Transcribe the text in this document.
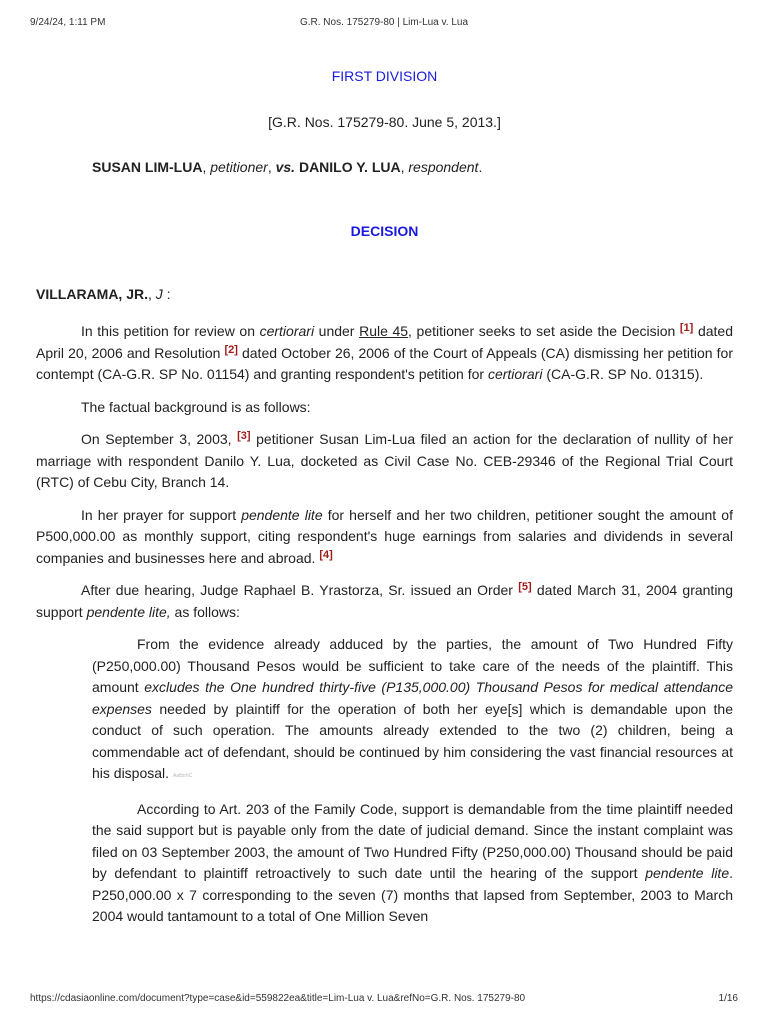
9/24/24, 1:11 PM	G.R. Nos. 175279-80 | Lim-Lua v. Lua

FIRST DIVISION

[G.R. Nos. 175279-80. June 5, 2013.]

SUSAN LIM-LUA, petitioner, vs. DANILO Y. LUA, respondent.

DECISION

VILLARAMA, JR., J :

In this petition for review on certiorari under Rule 45, petitioner seeks to set aside the Decision [1] dated April 20, 2006 and Resolution [2] dated October 26, 2006 of the Court of Appeals (CA) dismissing her petition for contempt (CA-G.R. SP No. 01154) and granting respondent's petition for certiorari (CA-G.R. SP No. 01315).

The factual background is as follows:

On September 3, 2003, [3] petitioner Susan Lim-Lua filed an action for the declaration of nullity of her marriage with respondent Danilo Y. Lua, docketed as Civil Case No. CEB-29346 of the Regional Trial Court (RTC) of Cebu City, Branch 14.

In her prayer for support pendente lite for herself and her two children, petitioner sought the amount of P500,000.00 as monthly support, citing respondent's huge earnings from salaries and dividends in several companies and businesses here and abroad. [4]

After due hearing, Judge Raphael B. Yrastorza, Sr. issued an Order [5] dated March 31, 2004 granting support pendente lite, as follows:

From the evidence already adduced by the parties, the amount of Two Hundred Fifty (P250,000.00) Thousand Pesos would be sufficient to take care of the needs of the plaintiff. This amount excludes the One hundred thirty-five (P135,000.00) Thousand Pesos for medical attendance expenses needed by plaintiff for the operation of both her eye[s] which is demandable upon the conduct of such operation. The amounts already extended to the two (2) children, being a commendable act of defendant, should be continued by him considering the vast financial resources at his disposal. Aa8zrhC

According to Art. 203 of the Family Code, support is demandable from the time plaintiff needed the said support but is payable only from the date of judicial demand. Since the instant complaint was filed on 03 September 2003, the amount of Two Hundred Fifty (P250,000.00) Thousand should be paid by defendant to plaintiff retroactively to such date until the hearing of the support pendente lite. P250,000.00 x 7 corresponding to the seven (7) months that lapsed from September, 2003 to March 2004 would tantamount to a total of One Million Seven

https://cdasiaonline.com/document?type=case&id=559822ea&title=Lim-Lua v. Lua&refNo=G.R. Nos. 175279-80	1/16
